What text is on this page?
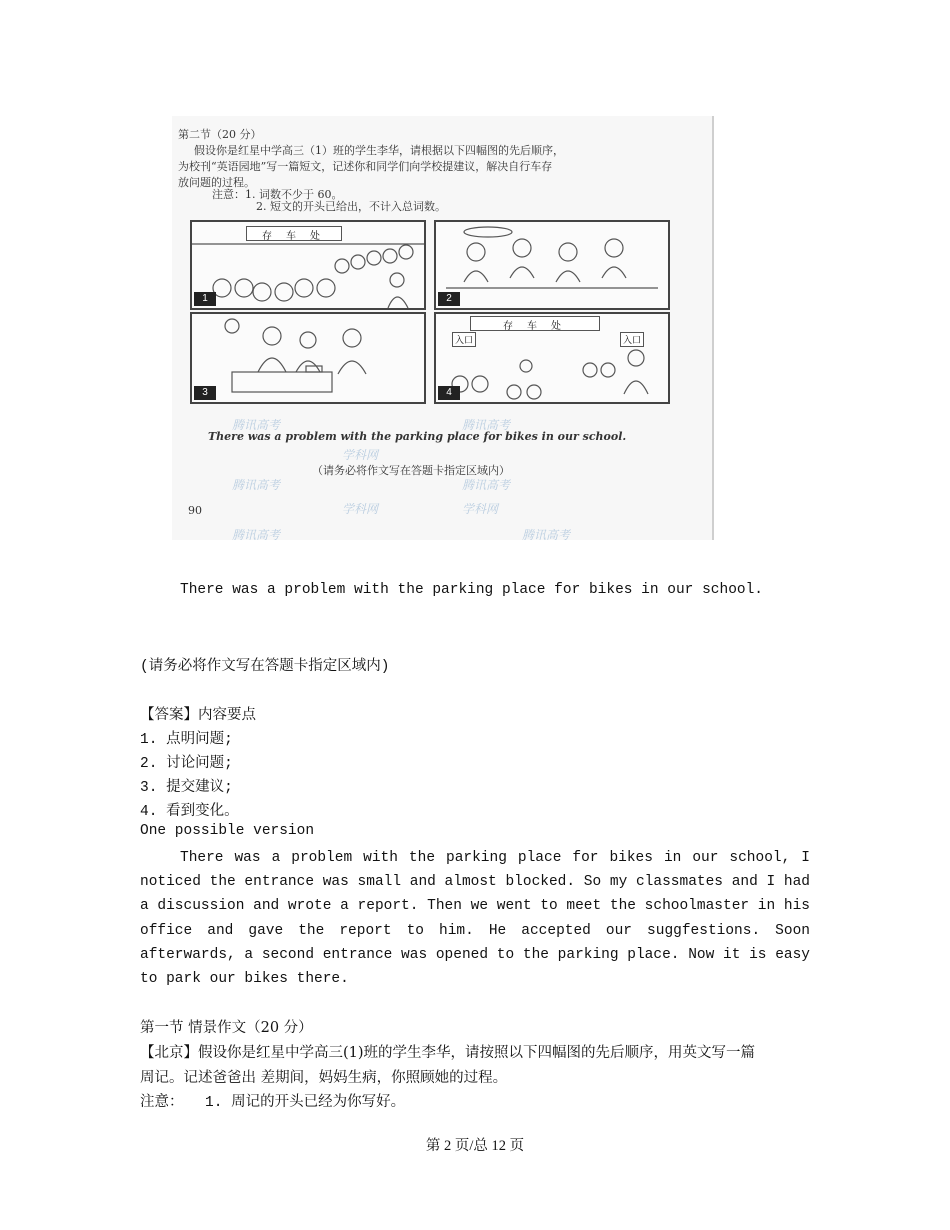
第二节（20 分）
假设你是红星中学高三（1）班的学生李华，请根据以下四幅图的先后顺序，
为校刊“英语园地”写一篇短文，记述你和同学们向学校提建议，解决自行车存
放问题的过程。
注意：1. 词数不少于 60。
2. 短文的开头已给出，不计入总词数。
存车处
1	2
3
存车处
入口	入口
4
腾讯高考	腾讯高考
There was a problem with the parking place for bikes in our school.
学科网
（请务必将作文写在答题卡指定区域内）
腾讯高考	腾讯高考
90	学科网	学科网
腾讯高考	腾讯高考
There was a problem with the parking place for bikes in our school.
(请务必将作文写在答题卡指定区域内)
【答案】内容要点
1. 点明问题;
2. 讨论问题;
3. 提交建议;
4. 看到变化。
One possible version
There was a problem with the parking place for bikes in our school, I noticed the entrance was small and almost blocked. So my classmates and I had a discussion and wrote a report. Then we went to meet the schoolmaster in his office and gave the report to him. He accepted our suggfestions. Soon afterwards, a second entrance was opened to the parking place. Now it is easy to park our bikes there.
第一节 情景作文（20 分）
【北京】假设你是红星中学高三(1)班的学生李华，请按照以下四幅图的先后顺序，用英文写一篇
周记。记述爸爸出 差期间，妈妈生病，你照顾她的过程。
注意： 1. 周记的开头已经为你写好。
第 2 页/总 12 页
